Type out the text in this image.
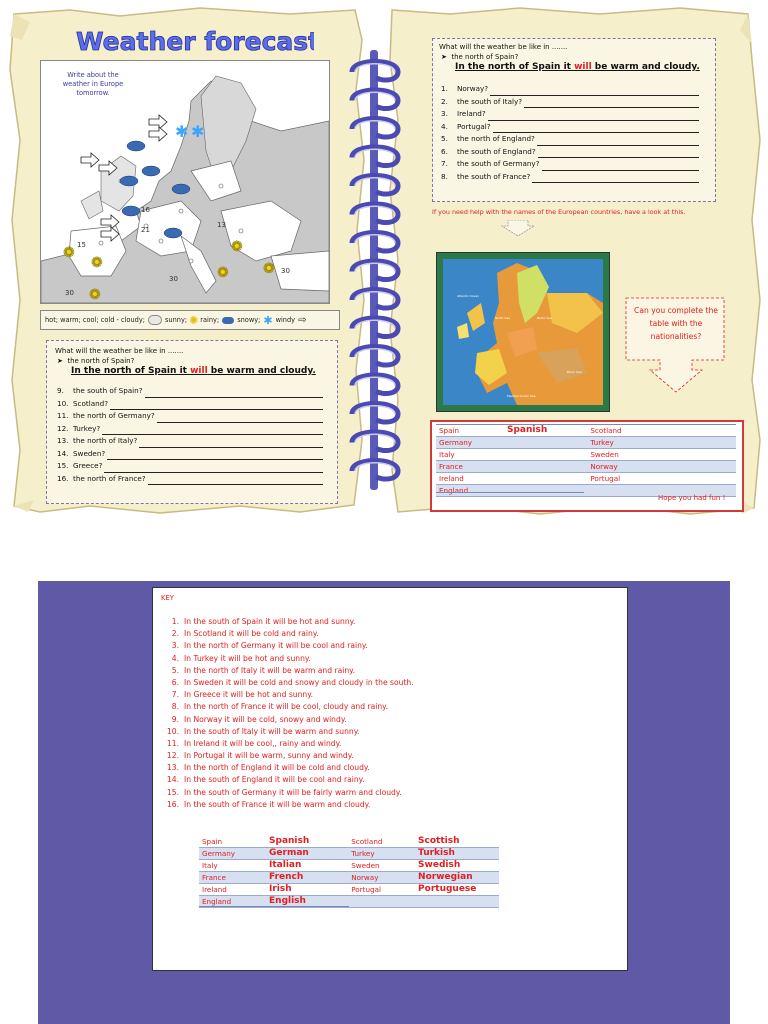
Weather forecast
✱ ✱
✺
✺
✺
✺ ✺
✺
30
15
16
21
30
30
13
Write about the weather in Europe tomorrow.
hot; warm; cool; cold - cloudy;	sunny; ✺ rainy;	snowy; ✱ windy ⇨
What will the weather be like in .......
➤ the north of Spain?
In the north of Spain it will be warm and cloudy.
9.	the south of Spain?
10. Scotland?
11. the north of Germany?
12. Turkey?
13. the north of Italy?
14. Sweden?
15. Greece?
16. the north of France?
What will the weather be like in .......
➤ the north of Spain?
In the north of Spain it will be warm and cloudy.
1.	Norway?
2.	the south of Italy?
3.	Ireland?
4.	Portugal?
5.	the north of England?
6.	the south of England?
7.	the south of Germany?
8.	the south of France?
If you need help with the names of the European countries, have a look at this.
Atlantic Ocean
North Sea	Baltic Sea
Black Sea
Mediterranean Sea
Can you complete the table with the nationalities?
Spain	Spanish	Scotland	
Germany		Turkey	
Italy		Sweden	
France		Norway	
Ireland		Portugal	
England			
Hope you had fun !
KEY
1. In the south of Spain it will be hot and sunny.
2. In Scotland it will be cold and rainy.
3. In the north of Germany it will be cool and rainy.
4. In Turkey it will be hot and sunny.
5. In the north of Italy it will be warm and rainy.
6. In Sweden it will be cold and snowy and cloudy in the south.
7. In Greece it will be hot and sunny.
8. In the north of France it will be cool, cloudy and rainy.
9. In Norway it will be cold, snowy and windy.
10. In the south of Italy it will be warm and sunny.
11. In Ireland it will be cool,, rainy and windy.
12. In Portugal it will be warm, sunny and windy.
13. In the north of England it will be cold and cloudy.
14. In the south of England it will be cool and rainy.
15. In the south of Germany it will be fairly warm and cloudy.
16. In the south of France it will be warm and cloudy.
Spain	Spanish	Scotland	Scottish
Germany	German	Turkey	Turkish
Italy	Italian	Sweden	Swedish
France	French	Norway	Norwegian
Ireland	Irish	Portugal	Portuguese
England	English		
